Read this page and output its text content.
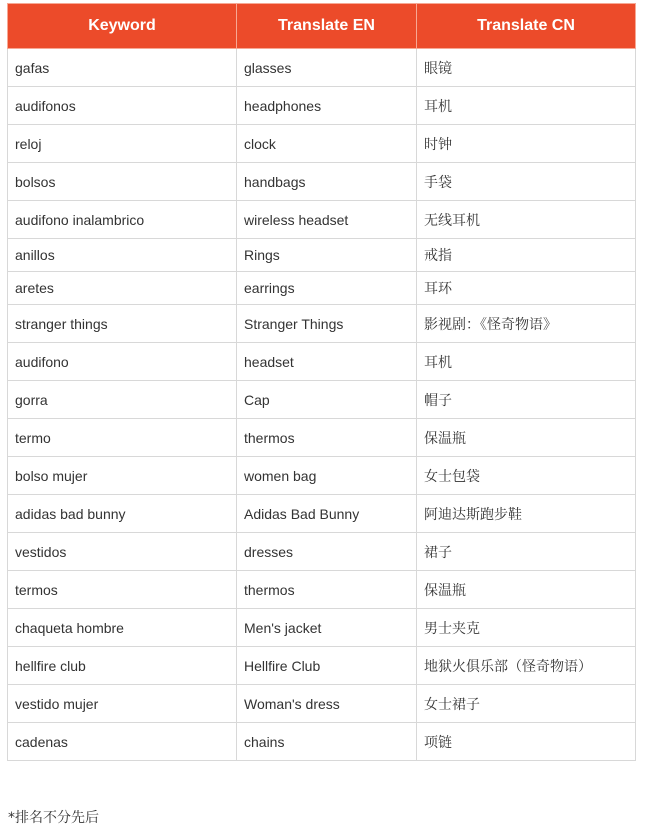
Keyword	Translate EN	Translate CN
gafas	glasses	眼镜
audifonos	headphones	耳机
reloj	clock	时钟
bolsos	handbags	手袋
audifono inalambrico	wireless headset	无线耳机
anillos	Rings	戒指
aretes	earrings	耳环
stranger things	Stranger Things	影视剧：《怪奇物语》
audifono	headset	耳机
gorra	Cap	帽子
termo	thermos	保温瓶
bolso mujer	women bag	女士包袋
adidas bad bunny	Adidas Bad Bunny	阿迪达斯跑步鞋
vestidos	dresses	裙子
termos	thermos	保温瓶
chaqueta hombre	Men's jacket	男士夹克
hellfire club	Hellfire Club	地狱火俱乐部（怪奇物语）
vestido mujer	Woman's dress	女士裙子
cadenas	chains	项链
*排名不分先后
